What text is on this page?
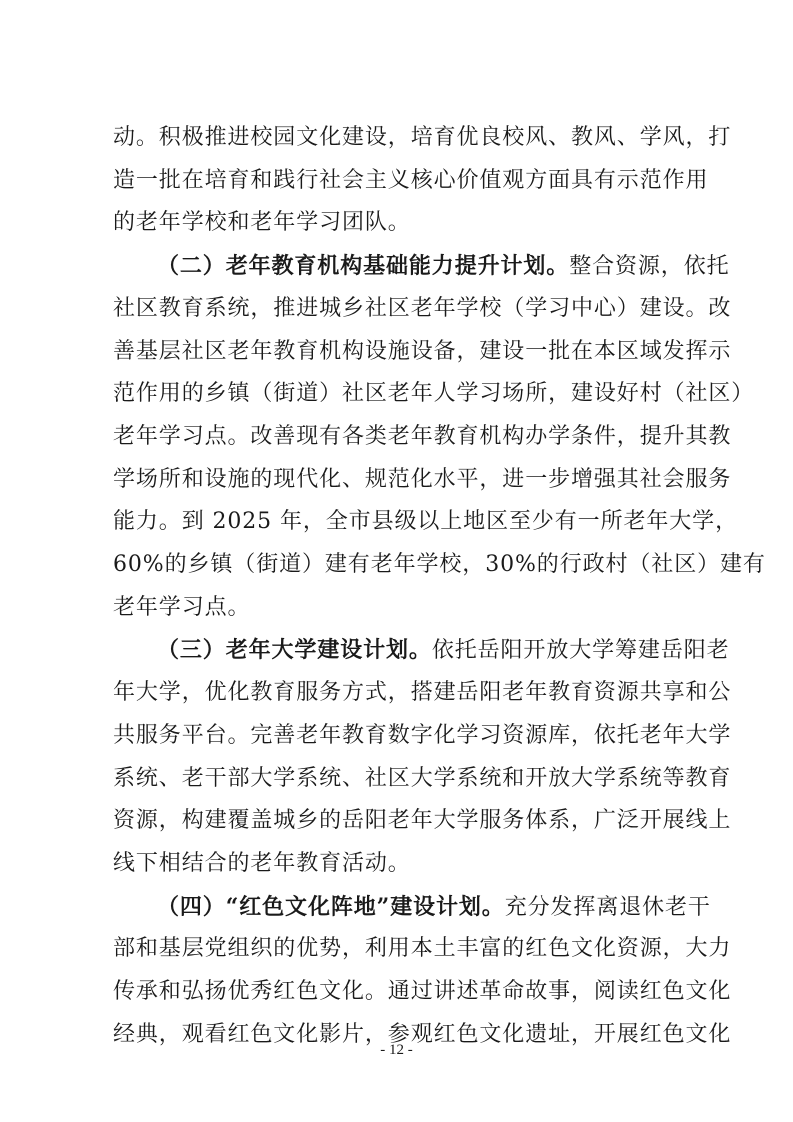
动。积极推进校园文化建设，培育优良校风、教风、学风，打
造一批在培育和践行社会主义核心价值观方面具有示范作用
的老年学校和老年学习团队。
（二）老年教育机构基础能力提升计划。整合资源，依托
社区教育系统，推进城乡社区老年学校（学习中心）建设。改
善基层社区老年教育机构设施设备，建设一批在本区域发挥示
范作用的乡镇（街道）社区老年人学习场所，建设好村（社区）
老年学习点。改善现有各类老年教育机构办学条件，提升其教
学场所和设施的现代化、规范化水平，进一步增强其社会服务
能力。到 2025 年，全市县级以上地区至少有一所老年大学，
60%的乡镇（街道）建有老年学校，30%的行政村（社区）建有
老年学习点。
（三）老年大学建设计划。依托岳阳开放大学筹建岳阳老
年大学，优化教育服务方式，搭建岳阳老年教育资源共享和公
共服务平台。完善老年教育数字化学习资源库，依托老年大学
系统、老干部大学系统、社区大学系统和开放大学系统等教育
资源，构建覆盖城乡的岳阳老年大学服务体系，广泛开展线上
线下相结合的老年教育活动。
（四）“红色文化阵地”建设计划。充分发挥离退休老干
部和基层党组织的优势，利用本土丰富的红色文化资源，大力
传承和弘扬优秀红色文化。通过讲述革命故事，阅读红色文化
经典，观看红色文化影片，参观红色文化遗址，开展红色文化
- 12 -
